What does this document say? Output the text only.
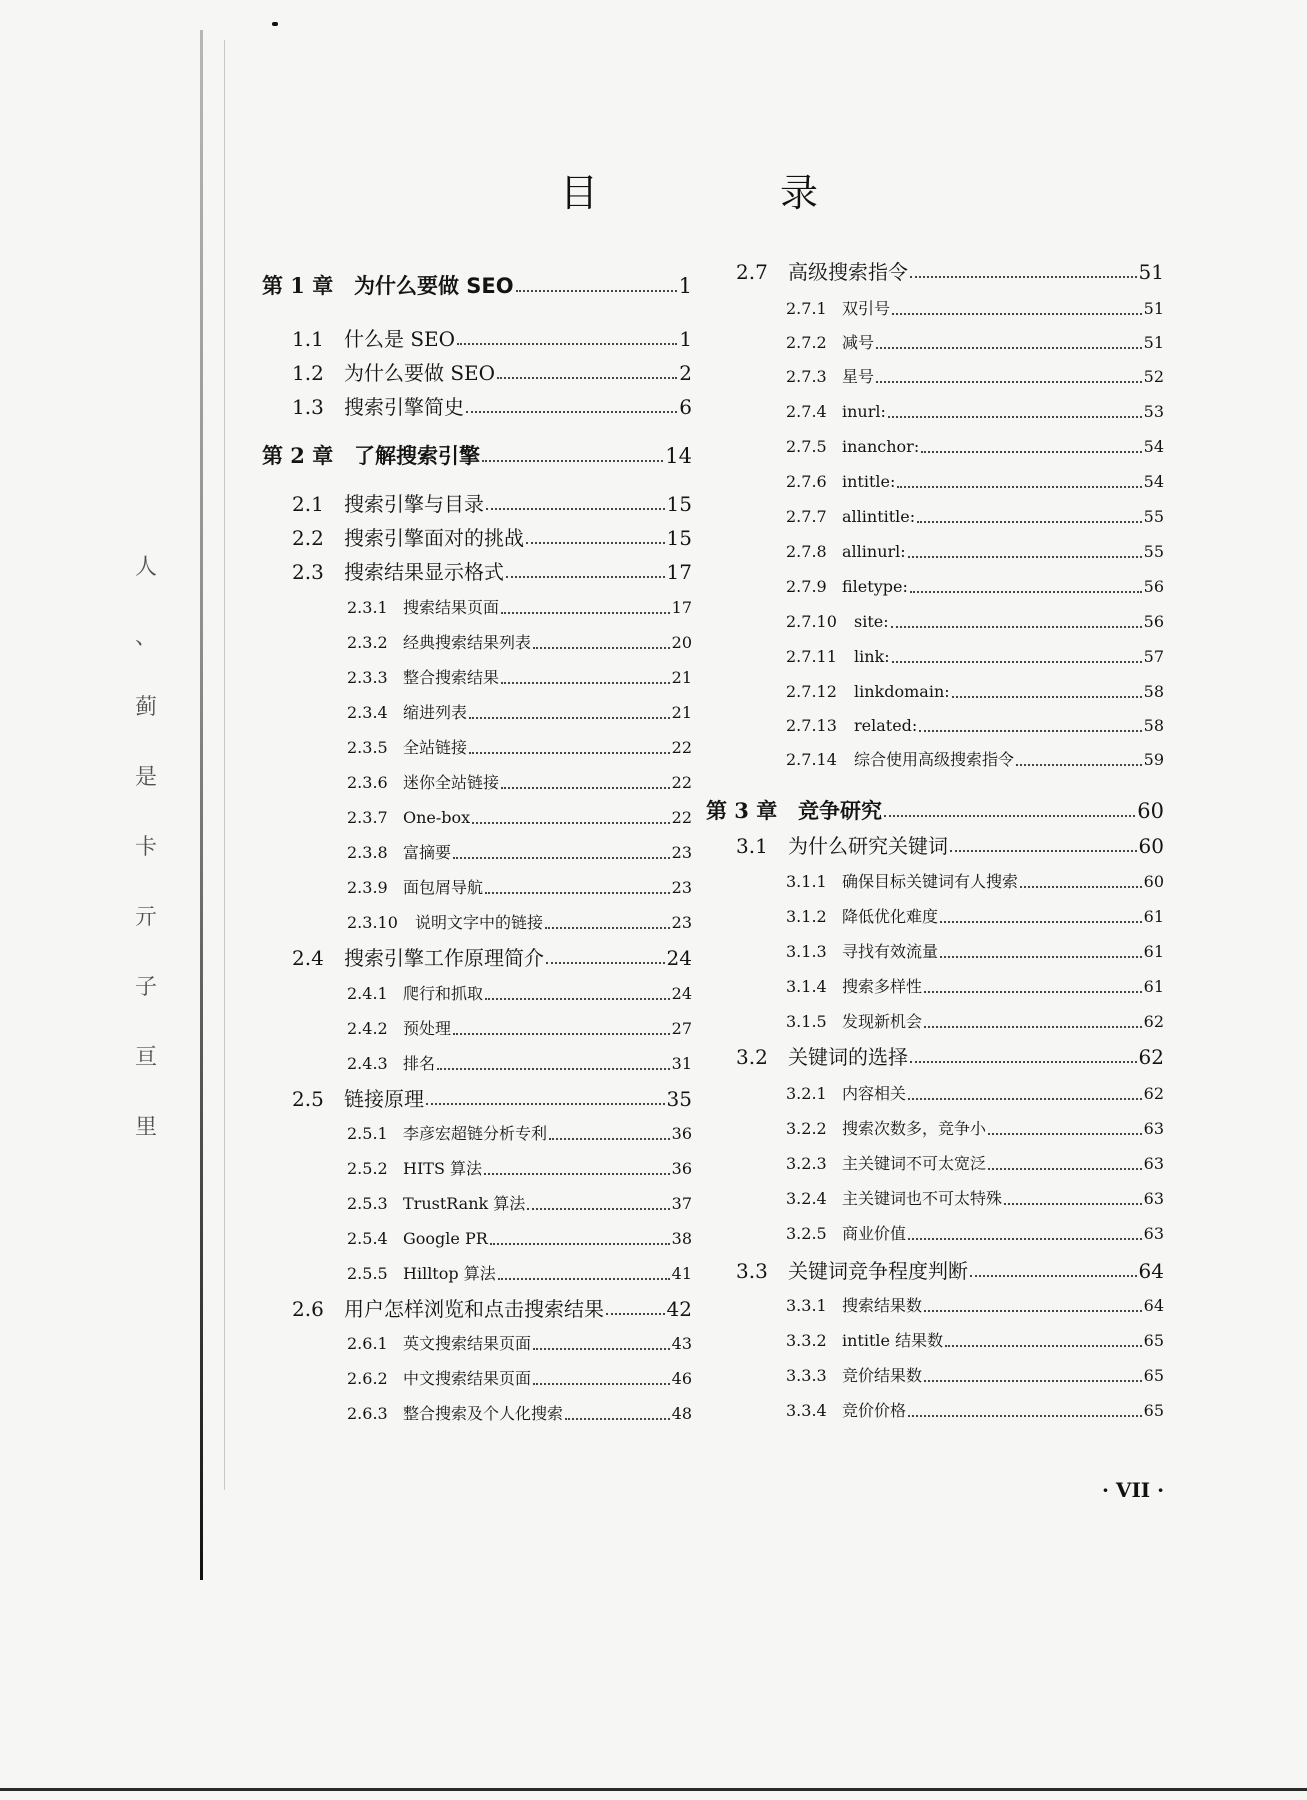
人
、
蓟
是
卡
亓
子
亘
里
目	录
第 1 章 为什么要做 SEO	1
1.1	什么是 SEO	1
1.2	为什么要做 SEO	2
1.3	搜索引擎简史	6
第 2 章 了解搜索引擎	14
2.1	搜索引擎与目录	15
2.2	搜索引擎面对的挑战	15
2.3	搜索结果显示格式	17
2.3.1 搜索结果页面	17
2.3.2 经典搜索结果列表	20
2.3.3 整合搜索结果	21
2.3.4 缩进列表	21
2.3.5 全站链接	22
2.3.6 迷你全站链接	22
2.3.7 One-box	22
2.3.8 富摘要	23
2.3.9 面包屑导航	23
2.3.10	说明文字中的链接	23
2.4	搜索引擎工作原理简介	24
2.4.1 爬行和抓取	24
2.4.2 预处理	27
2.4.3 排名	31
2.5	链接原理	35
2.5.1 李彦宏超链分析专利	36
2.5.2 HITS 算法	36
2.5.3 TrustRank 算法	37
2.5.4 Google PR	38
2.5.5 Hilltop 算法	41
2.6	用户怎样浏览和点击搜索结果	42
2.6.1 英文搜索结果页面	43
2.6.2 中文搜索结果页面	46
2.6.3 整合搜索及个人化搜索	48
2.7	高级搜索指令	51
2.7.1 双引号	51
2.7.2 减号	51
2.7.3 星号	52
2.7.4 inurl:	53
2.7.5 inanchor:	54
2.7.6 intitle:	54
2.7.7 allintitle:	55
2.7.8 allinurl:	55
2.7.9 filetype:	56
2.7.10	site:	56
2.7.11	link:	57
2.7.12	linkdomain:	58
2.7.13	related:	58
2.7.14	综合使用高级搜索指令	59
第 3 章 竞争研究	60
3.1	为什么研究关键词	60
3.1.1 确保目标关键词有人搜索	60
3.1.2 降低优化难度	61
3.1.3 寻找有效流量	61
3.1.4 搜索多样性	61
3.1.5 发现新机会	62
3.2	关键词的选择	62
3.2.1 内容相关	62
3.2.2 搜索次数多，竞争小	63
3.2.3 主关键词不可太宽泛	63
3.2.4 主关键词也不可太特殊	63
3.2.5 商业价值	63
3.3	关键词竞争程度判断	64
3.3.1 搜索结果数	64
3.3.2 intitle 结果数	65
3.3.3 竞价结果数	65
3.3.4 竞价价格	65
· VII ·
